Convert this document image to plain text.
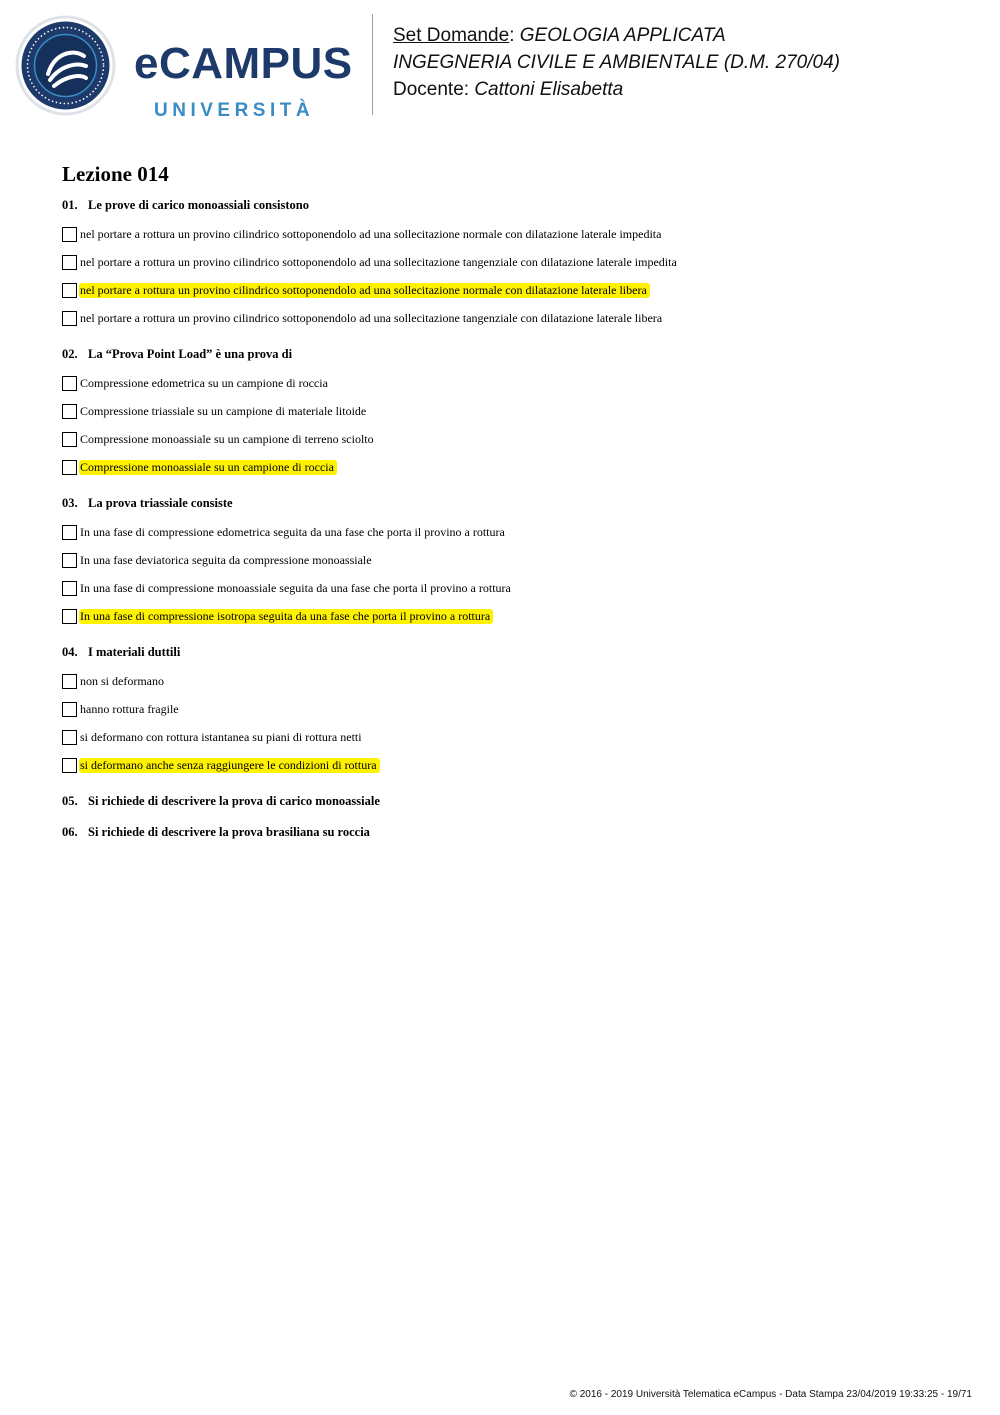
eCAMPUS
UNIVERSITÀ
Set Domande: GEOLOGIA APPLICATA
INGEGNERIA CIVILE E AMBIENTALE (D.M. 270/04)
Docente: Cattoni Elisabetta
Lezione 014
01. Le prove di carico monoassiali consistono
nel portare a rottura un provino cilindrico sottoponendolo ad una sollecitazione normale con dilatazione laterale impedita
nel portare a rottura un provino cilindrico sottoponendolo ad una sollecitazione tangenziale con dilatazione laterale impedita
nel portare a rottura un provino cilindrico sottoponendolo ad una sollecitazione normale con dilatazione laterale libera
nel portare a rottura un provino cilindrico sottoponendolo ad una sollecitazione tangenziale con dilatazione laterale libera
02. La “Prova Point Load” è una prova di
Compressione edometrica su un campione di roccia
Compressione triassiale su un campione di materiale litoide
Compressione monoassiale su un campione di terreno sciolto
Compressione monoassiale su un campione di roccia
03. La prova triassiale consiste
In una fase di compressione edometrica seguita da una fase che porta il provino a rottura
In una fase deviatorica seguita da compressione monoassiale
In una fase di compressione monoassiale seguita da una fase che porta il provino a rottura
In una fase di compressione isotropa seguita da una fase che porta il provino a rottura
04. I materiali duttili
non si deformano
hanno rottura fragile
si deformano con rottura istantanea su piani di rottura netti
si deformano anche senza raggiungere le condizioni di rottura
05. Si richiede di descrivere la prova di carico monoassiale
06. Si richiede di descrivere la prova brasiliana su roccia
© 2016 - 2019 Università Telematica eCampus - Data Stampa 23/04/2019 19:33:25 - 19/71
